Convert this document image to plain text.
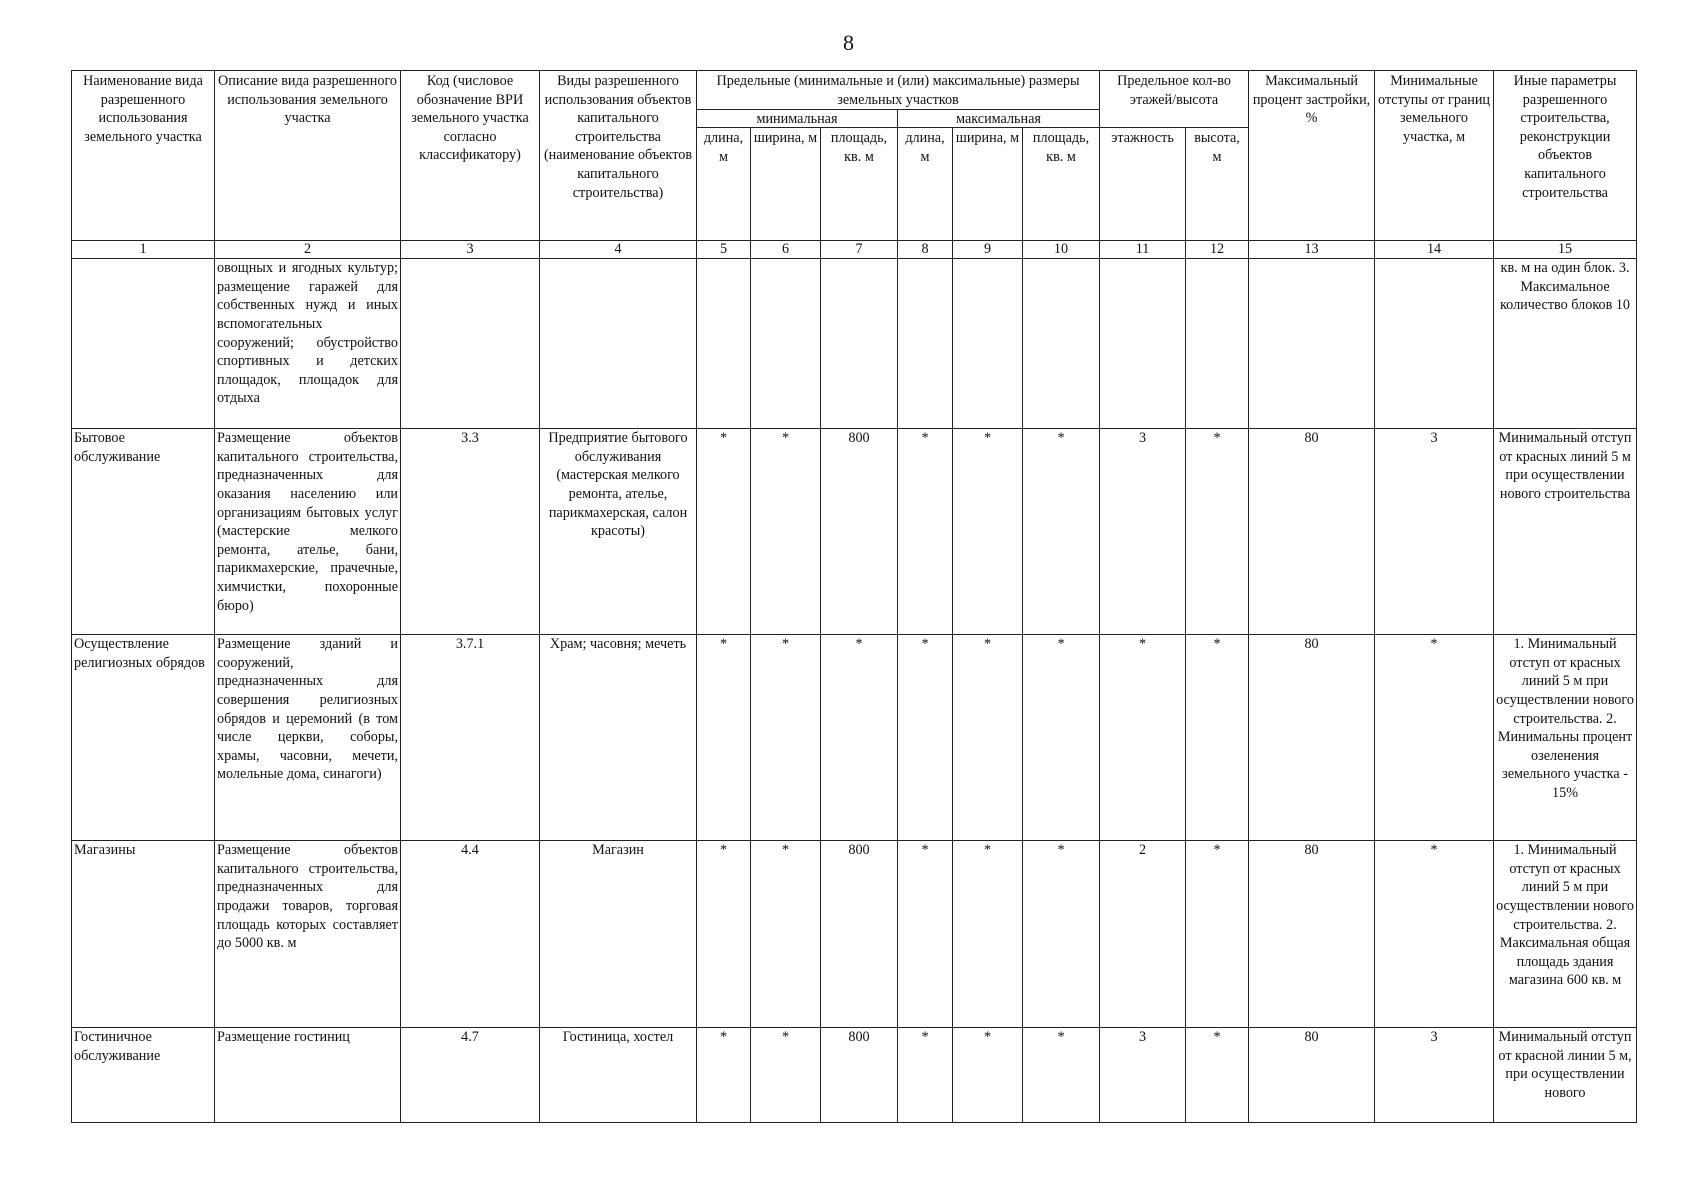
8
Наименование вида разрешенного использования земельного участка	Описание вида разрешенного использования земельного участка	Код (числовое обозначение ВРИ земельного участка согласно классификатору)	Виды разрешенного использования объектов капитального строительства (наименование объектов капитального строительства)	Предельные (минимальные и (или) максимальные) размеры земельных участков						Предельное кол-во этажей/высота		Максимальный процент застройки, %	Минимальные отступы от границ земельного участка, м	Иные параметры разрешенного строительства, реконструкции объектов капитального строительства
				минимальная			максимальная							
				длина, м	ширина, м	площадь, кв. м	длина, м	ширина, м	площадь, кв. м	этажность	высота, м			
1	2	3	4	5	6	7	8	9	10	11	12	13	14	15
	овощных и ягодных культур; размещение гаражей для собственных нужд и иных вспомогательных сооружений; обустройство спортивных и детских площадок, площадок для отдыха													кв. м на один блок. 3. Максимальное количество блоков 10
Бытовое обслуживание	Размещение объектов капитального строительства, предназначенных для оказания населению или организациям бытовых услуг (мастерские мелкого ремонта, ателье, бани, парикмахерские, прачечные, химчистки, похоронные бюро)	3.3	Предприятие бытового обслуживания (мастерская мелкого ремонта, ателье, парикмахерская, салон красоты)	*	*	800	*	*	*	3	*	80	3	Минимальный отступ от красных линий 5 м при осуществлении нового строительства
Осуществление религиозных обрядов	Размещение зданий и сооружений, предназначенных для совершения религиозных обрядов и церемоний (в том числе церкви, соборы, храмы, часовни, мечети, молельные дома, синагоги)	3.7.1	Храм; часовня; мечеть	*	*	*	*	*	*	*	*	80	*	1. Минимальный отступ от красных линий 5 м при осуществлении нового строительства. 2. Минимальны процент озеленения земельного участка - 15%
Магазины	Размещение объектов капитального строительства, предназначенных для продажи товаров, торговая площадь которых составляет до 5000 кв. м	4.4	Магазин	*	*	800	*	*	*	2	*	80	*	1. Минимальный отступ от красных линий 5 м при осуществлении нового строительства. 2. Максимальная общая площадь здания магазина 600 кв. м
Гостиничное обслуживание	Размещение гостиниц	4.7	Гостиница, хостел	*	*	800	*	*	*	3	*	80	3	Минимальный отступ от красной линии 5 м, при осуществлении нового
